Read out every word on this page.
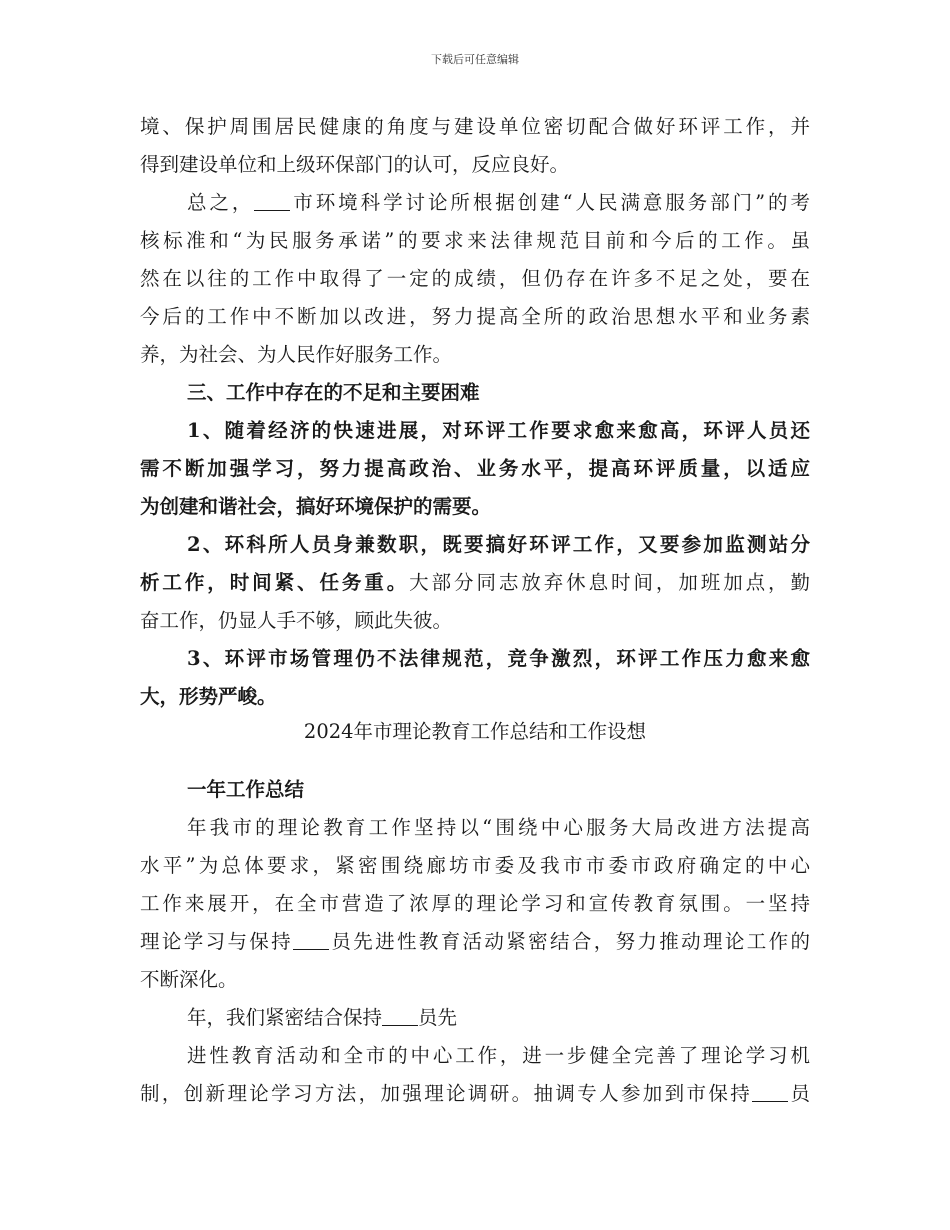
下载后可任意编辑
境、保护周围居民健康的角度与建设单位密切配合做好环评工作，并
得到建设单位和上级环保部门的认可，反应良好。
总之， 市环境科学讨论所根据创建“人民满意服务部门”的考
核标准和“为民服务承诺”的要求来法律规范目前和今后的工作。虽
然在以往的工作中取得了一定的成绩，但仍存在许多不足之处，要在
今后的工作中不断加以改进，努力提高全所的政治思想水平和业务素
养，为社会、为人民作好服务工作。
三、工作中存在的不足和主要困难
1、随着经济的快速进展，对环评工作要求愈来愈高，环评人员还
需不断加强学习，努力提高政治、业务水平，提高环评质量，以适应
为创建和谐社会，搞好环境保护的需要。
2、环科所人员身兼数职，既要搞好环评工作，又要参加监测站分
析工作，时间紧、任务重。大部分同志放弃休息时间，加班加点，勤
奋工作，仍显人手不够，顾此失彼。
3、环评市场管理仍不法律规范，竞争激烈，环评工作压力愈来愈
大，形势严峻。
2024年市理论教育工作总结和工作设想
一年工作总结
年我市的理论教育工作坚持以“围绕中心服务大局改进方法提高
水平”为总体要求，紧密围绕廊坊市委及我市市委市政府确定的中心
工作来展开，在全市营造了浓厚的理论学习和宣传教育氛围。一坚持
理论学习与保持 员先进性教育活动紧密结合，努力推动理论工作的
不断深化。
年，我们紧密结合保持 员先
进性教育活动和全市的中心工作，进一步健全完善了理论学习机
制，创新理论学习方法，加强理论调研。抽调专人参加到市保持 员
